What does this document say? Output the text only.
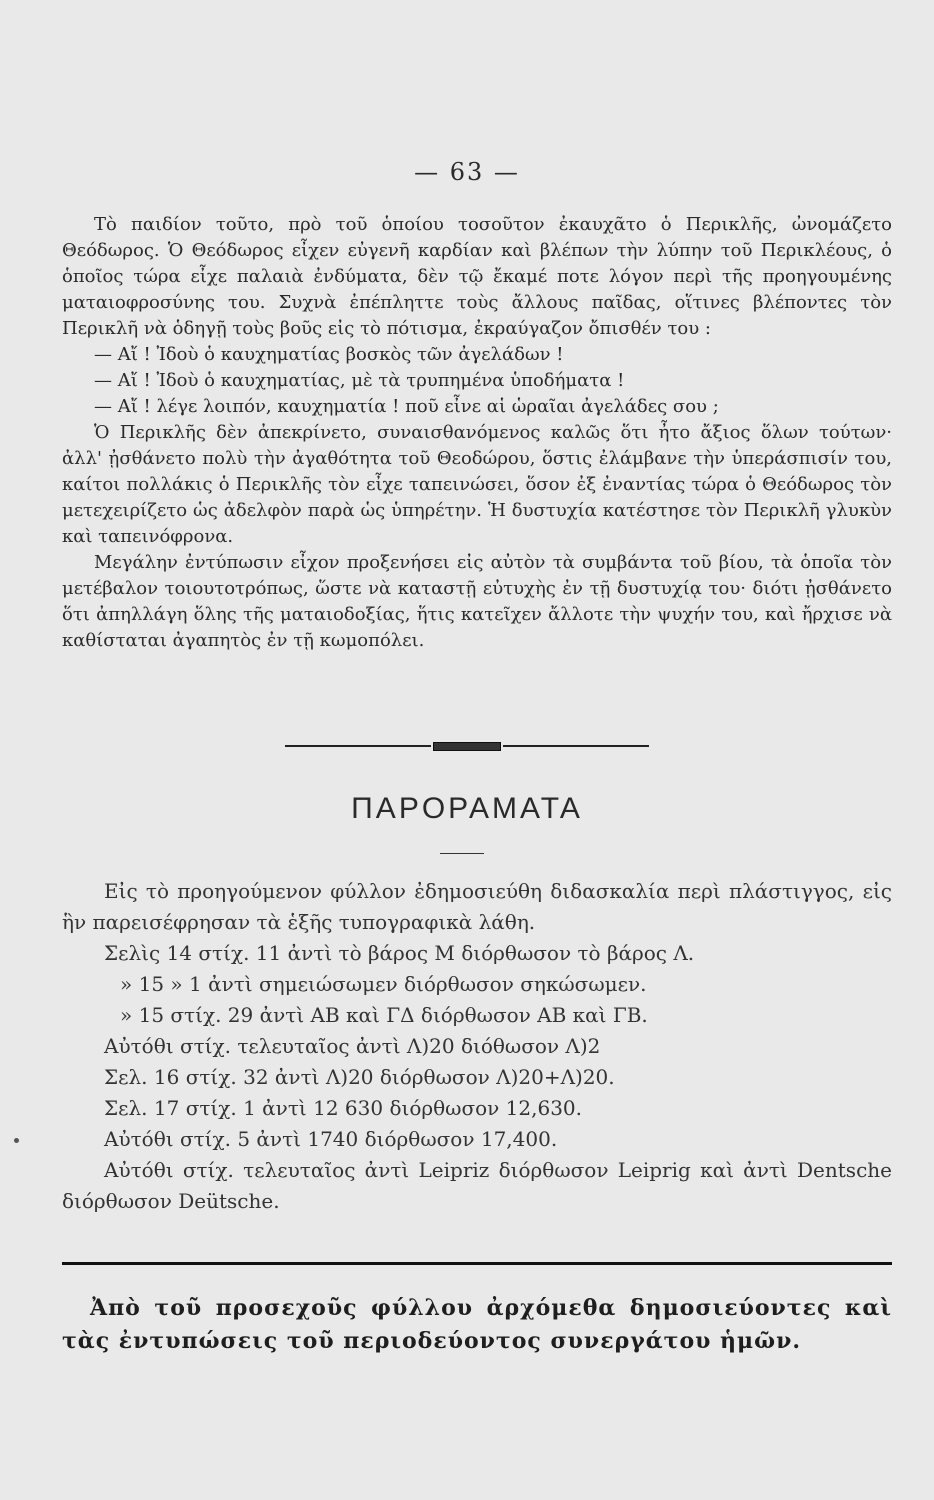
— 63 —

Τὸ παιδίον τοῦτο, πρὸ τοῦ ὁποίου τοσοῦτον ἐκαυχᾶτο ὁ Περικλῆς, ὠνομάζετο Θεόδωρος. Ὁ Θεόδωρος εἶχεν εὐγενῆ καρδίαν καὶ βλέπων τὴν λύπην τοῦ Περικλέους, ὁ ὁποῖος τώρα εἶχε παλαιὰ ἐνδύματα, δὲν τῷ ἔκαμέ ποτε λόγον περὶ τῆς προηγουμένης ματαιοφροσύνης του. Συχνὰ ἐπέπληττε τοὺς ἄλλους παῖδας, οἵτινες βλέποντες τὸν Περικλῆ νὰ ὁδηγῇ τοὺς βοῦς εἰς τὸ πότισμα, ἐκραύγαζον ὄπισθέν του :

— Αἴ ! Ἰδοὺ ὁ καυχηματίας βοσκὸς τῶν ἀγελάδων !

— Αἴ ! Ἰδοὺ ὁ καυχηματίας, μὲ τὰ τρυπημένα ὑποδήματα !

— Αἴ ! λέγε λοιπόν, καυχηματία ! ποῦ εἶνε αἱ ὡραῖαι ἀγελάδες σου ;

Ὁ Περικλῆς δὲν ἀπεκρίνετο, συναισθανόμενος καλῶς ὅτι ἦτο ἄξιος ὅλων τούτων· ἀλλ' ᾐσθάνετο πολὺ τὴν ἀγαθότητα τοῦ Θεοδώρου, ὅστις ἐλάμβανε τὴν ὑπεράσπισίν του, καίτοι πολλάκις ὁ Περικλῆς τὸν εἶχε ταπεινώσει, ὅσον ἐξ ἐναντίας τώρα ὁ Θεόδωρος τὸν μετεχειρίζετο ὡς ἀδελφὸν παρὰ ὡς ὑπηρέτην. Ἡ δυστυχία κατέστησε τὸν Περικλῆ γλυκὺν καὶ ταπεινόφρονα.

Μεγάλην ἐντύπωσιν εἶχον προξενήσει εἰς αὐτὸν τὰ συμβάντα τοῦ βίου, τὰ ὁποῖα τὸν μετέβαλον τοιουτοτρόπως, ὥστε νὰ καταστῇ εὐτυχὴς ἐν τῇ δυστυχίᾳ του· διότι ᾐσθάνετο ὅτι ἀπηλλάγη ὅλης τῆς ματαιοδοξίας, ἥτις κατεῖχεν ἄλλοτε τὴν ψυχήν του, καὶ ἤρχισε νὰ καθίσταται ἀγαπητὸς ἐν τῇ κωμοπόλει.

ΠΑΡΟΡΑΜΑΤΑ

Εἰς τὸ προηγούμενον φύλλον ἐδημοσιεύθη διδασκαλία περὶ πλάστιγγος, εἰς ἣν παρεισέφρησαν τὰ ἑξῆς τυπογραφικὰ λάθη.

Σελὶς 14 στίχ. 11 ἀντὶ τὸ βάρος Μ διόρθωσον τὸ βάρος Λ.

» 15 » 1 ἀντὶ σημειώσωμεν διόρθωσον σηκώσωμεν.

» 15 στίχ. 29 ἀντὶ ΑΒ καὶ ΓΔ διόρθωσον ΑΒ καὶ ΓΒ.

Αὐτόθι στίχ. τελευταῖος ἀντὶ Λ)20 διόθωσον Λ)2

Σελ. 16 στίχ. 32 ἀντὶ Λ)20 διόρθωσον Λ)20+Λ)20.

Σελ. 17 στίχ. 1 ἀντὶ 12 630 διόρθωσον 12,630.

Αὐτόθι στίχ. 5 ἀντὶ 1740 διόρθωσον 17,400.

Αὐτόθι στίχ. τελευταῖος ἀντὶ Leipriz διόρθωσον Leiprig καὶ ἀντὶ Dentsche διόρθωσον Deütsche.

Ἀπὸ τοῦ προσεχοῦς φύλλου ἀρχόμεθα δημοσιεύοντες καὶ τὰς ἐντυπώσεις τοῦ περιοδεύοντος συνεργάτου ἡμῶν.
